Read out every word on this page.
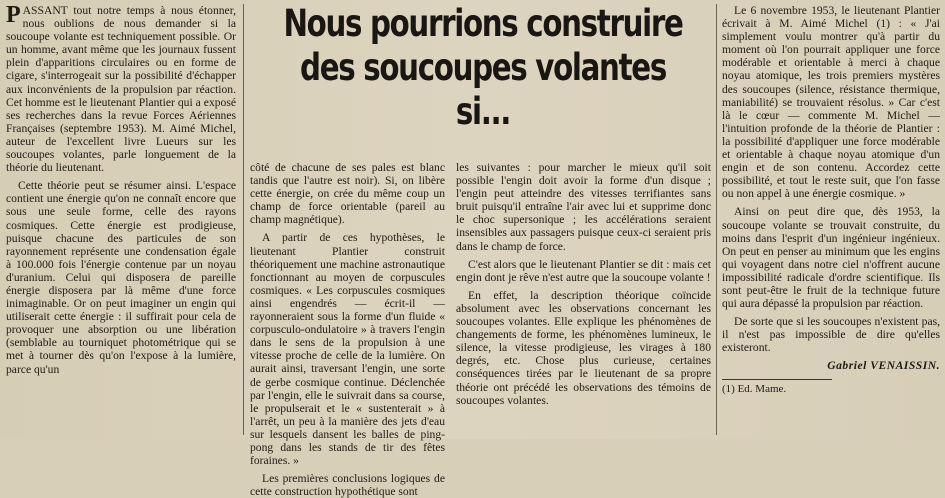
PASSANT tout notre temps à nous étonner, nous oublions de nous demander si la soucoupe volante est techniquement possible. Or un homme, avant même que les journaux fussent plein d'apparitions circulaires ou en forme de cigare, s'interrogeait sur la possibilité d'échapper aux inconvénients de la propulsion par réaction. Cet homme est le lieutenant Plantier qui a exposé ses recherches dans la revue Forces Aériennes Françaises (septembre 1953). M. Aimé Michel, auteur de l'excellent livre Lueurs sur les soucoupes volantes, parle longuement de la théorie du lieutenant.

Cette théorie peut se résumer ainsi. L'espace contient une énergie qu'on ne connaît encore que sous une seule forme, celle des rayons cosmiques. Cette énergie est prodigieuse, puisque chacune des particules de son rayonnement représente une condensation égale à 100.000 fois l'énergie contenue par un noyau d'uranium. Celui qui disposera de pareille énergie disposera par là même d'une force inimaginable. Or on peut imaginer un engin qui utiliserait cette énergie : il suffirait pour cela de provoquer une absorption ou une libération (semblable au tourniquet photométrique qui se met à tourner dès qu'on l'expose à la lumière, parce qu'un

Nous pourrions construire des soucoupes volantes si...

côté de chacune de ses pales est blanc tandis que l'autre est noir). Si, on libère cette énergie, on crée du même coup un champ de force orientable (pareil au champ magnétique).

A partir de ces hypothèses, le lieutenant Plantier construit théoriquement une machine astronautique fonctionnant au moyen de corpuscules cosmiques. « Les corpuscules cosmiques ainsi engendrés — écrit-il — rayonneraient sous la forme d'un fluide « corpusculo-ondulatoire » à travers l'engin dans le sens de la propulsion à une vitesse proche de celle de la lumière. On aurait ainsi, traversant l'engin, une sorte de gerbe cosmique continue. Déclenchée par l'engin, elle le suivrait dans sa course, le propulserait et le « sustenterait » à l'arrêt, un peu à la manière des jets d'eau sur lesquels dansent les balles de ping-pong dans les stands de tir des fêtes foraines. »

Les premières conclusions logiques de cette construction hypothétique sont

les suivantes : pour marcher le mieux qu'il soit possible l'engin doit avoir la forme d'un disque ; l'engin peut atteindre des vitesses terrifiantes sans bruit puisqu'il entraîne l'air avec lui et supprime donc le choc supersonique ; les accélérations seraient insensibles aux passagers puisque ceux-ci seraient pris dans le champ de force.

C'est alors que le lieutenant Plantier se dit : mais cet engin dont je rêve n'est autre que la soucoupe volante !

En effet, la description théorique coïncide absolument avec les observations concernant les soucoupes volantes. Elle explique les phénomènes de changements de forme, les phénomènes lumineux, le silence, la vitesse prodigieuse, les virages à 180 degrés, etc. Chose plus curieuse, certaines conséquences tirées par le lieutenant de sa propre théorie ont précédé les observations des témoins de soucoupes volantes.

Le 6 novembre 1953, le lieutenant Plantier écrivait à M. Aimé Michel (1) : « J'ai simplement voulu montrer qu'à partir du moment où l'on pourrait appliquer une force modérable et orientable à merci à chaque noyau atomique, les trois premiers mystères des soucoupes (silence, résistance thermique, maniabilité) se trouvaient résolus. » Car c'est là le cœur — commente M. Michel — l'intuition profonde de la théorie de Plantier : la possibilité d'appliquer une force modérable et orientable à chaque noyau atomique d'un engin et de son contenu. Accordez cette possibilité, et tout le reste suit, que l'on fasse ou non appel à une énergie cosmique. »

Ainsi on peut dire que, dès 1953, la soucoupe volante se trouvait construite, du moins dans l'esprit d'un ingénieur ingénieux. On peut en penser au minimum que les engins qui voyagent dans notre ciel n'offrent aucune impossibilité radicale d'ordre scientifique. Ils sont peut-être le fruit de la technique future qui aura dépassé la propulsion par réaction.

De sorte que si les soucoupes n'existent pas, il n'est pas impossible de dire qu'elles existeront.

Gabriel VENAISSIN.

(1) Ed. Mame.
